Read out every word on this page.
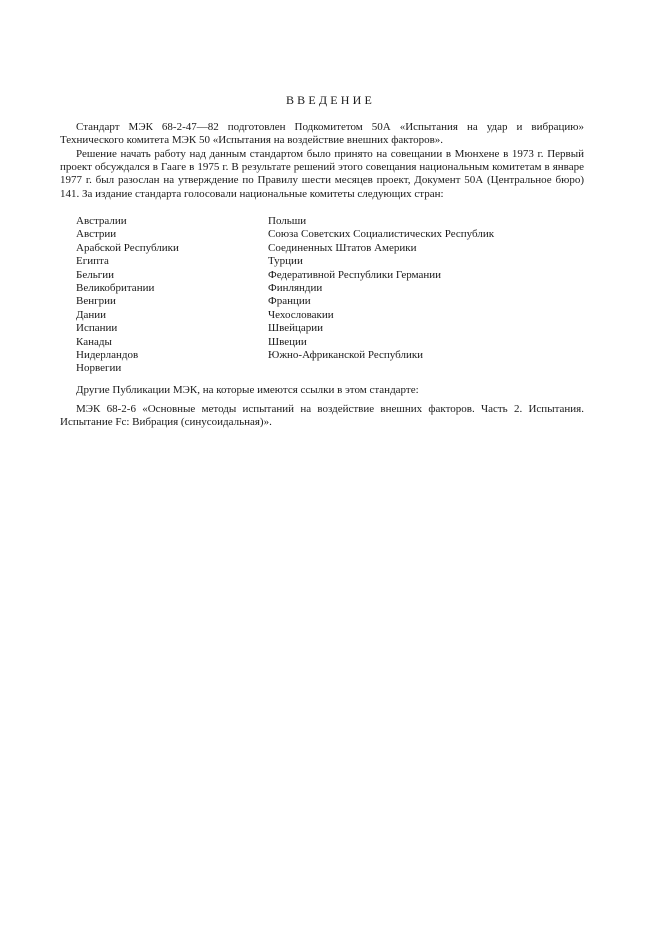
ВВЕДЕНИЕ

Стандарт МЭК 68-2-47—82 подготовлен Подкомитетом 50А «Испытания на удар и вибрацию» Технического комитета МЭК 50 «Испытания на воздействие внешних факторов».

Решение начать работу над данным стандартом было принято на совещании в Мюнхене в 1973 г. Первый проект обсуждался в Гааге в 1975 г. В результате решений этого совещания национальным комитетам в январе 1977 г. был разослан на утверждение по Правилу шести месяцев проект, Документ 50А (Центральное бюро) 141. За издание стандарта голосовали национальные комитеты следующих стран:

Австралии
Австрии
Арабской Республики
Египта
Бельгии
Великобритании
Венгрии
Дании
Испании
Канады
Нидерландов
Норвегии
Польши
Союза Советских Социалистических Республик
Соединенных Штатов Америки
Турции
Федеративной Республики Германии
Финляндии
Франции
Чехословакии
Швейцарии
Швеции
Южно-Африканской Республики

Другие Публикации МЭК, на которые имеются ссылки в этом стандарте:

МЭК 68-2-6 «Основные методы испытаний на воздействие внешних факторов. Часть 2. Испытания. Испытание Fc: Вибрация (синусоидальная)».
